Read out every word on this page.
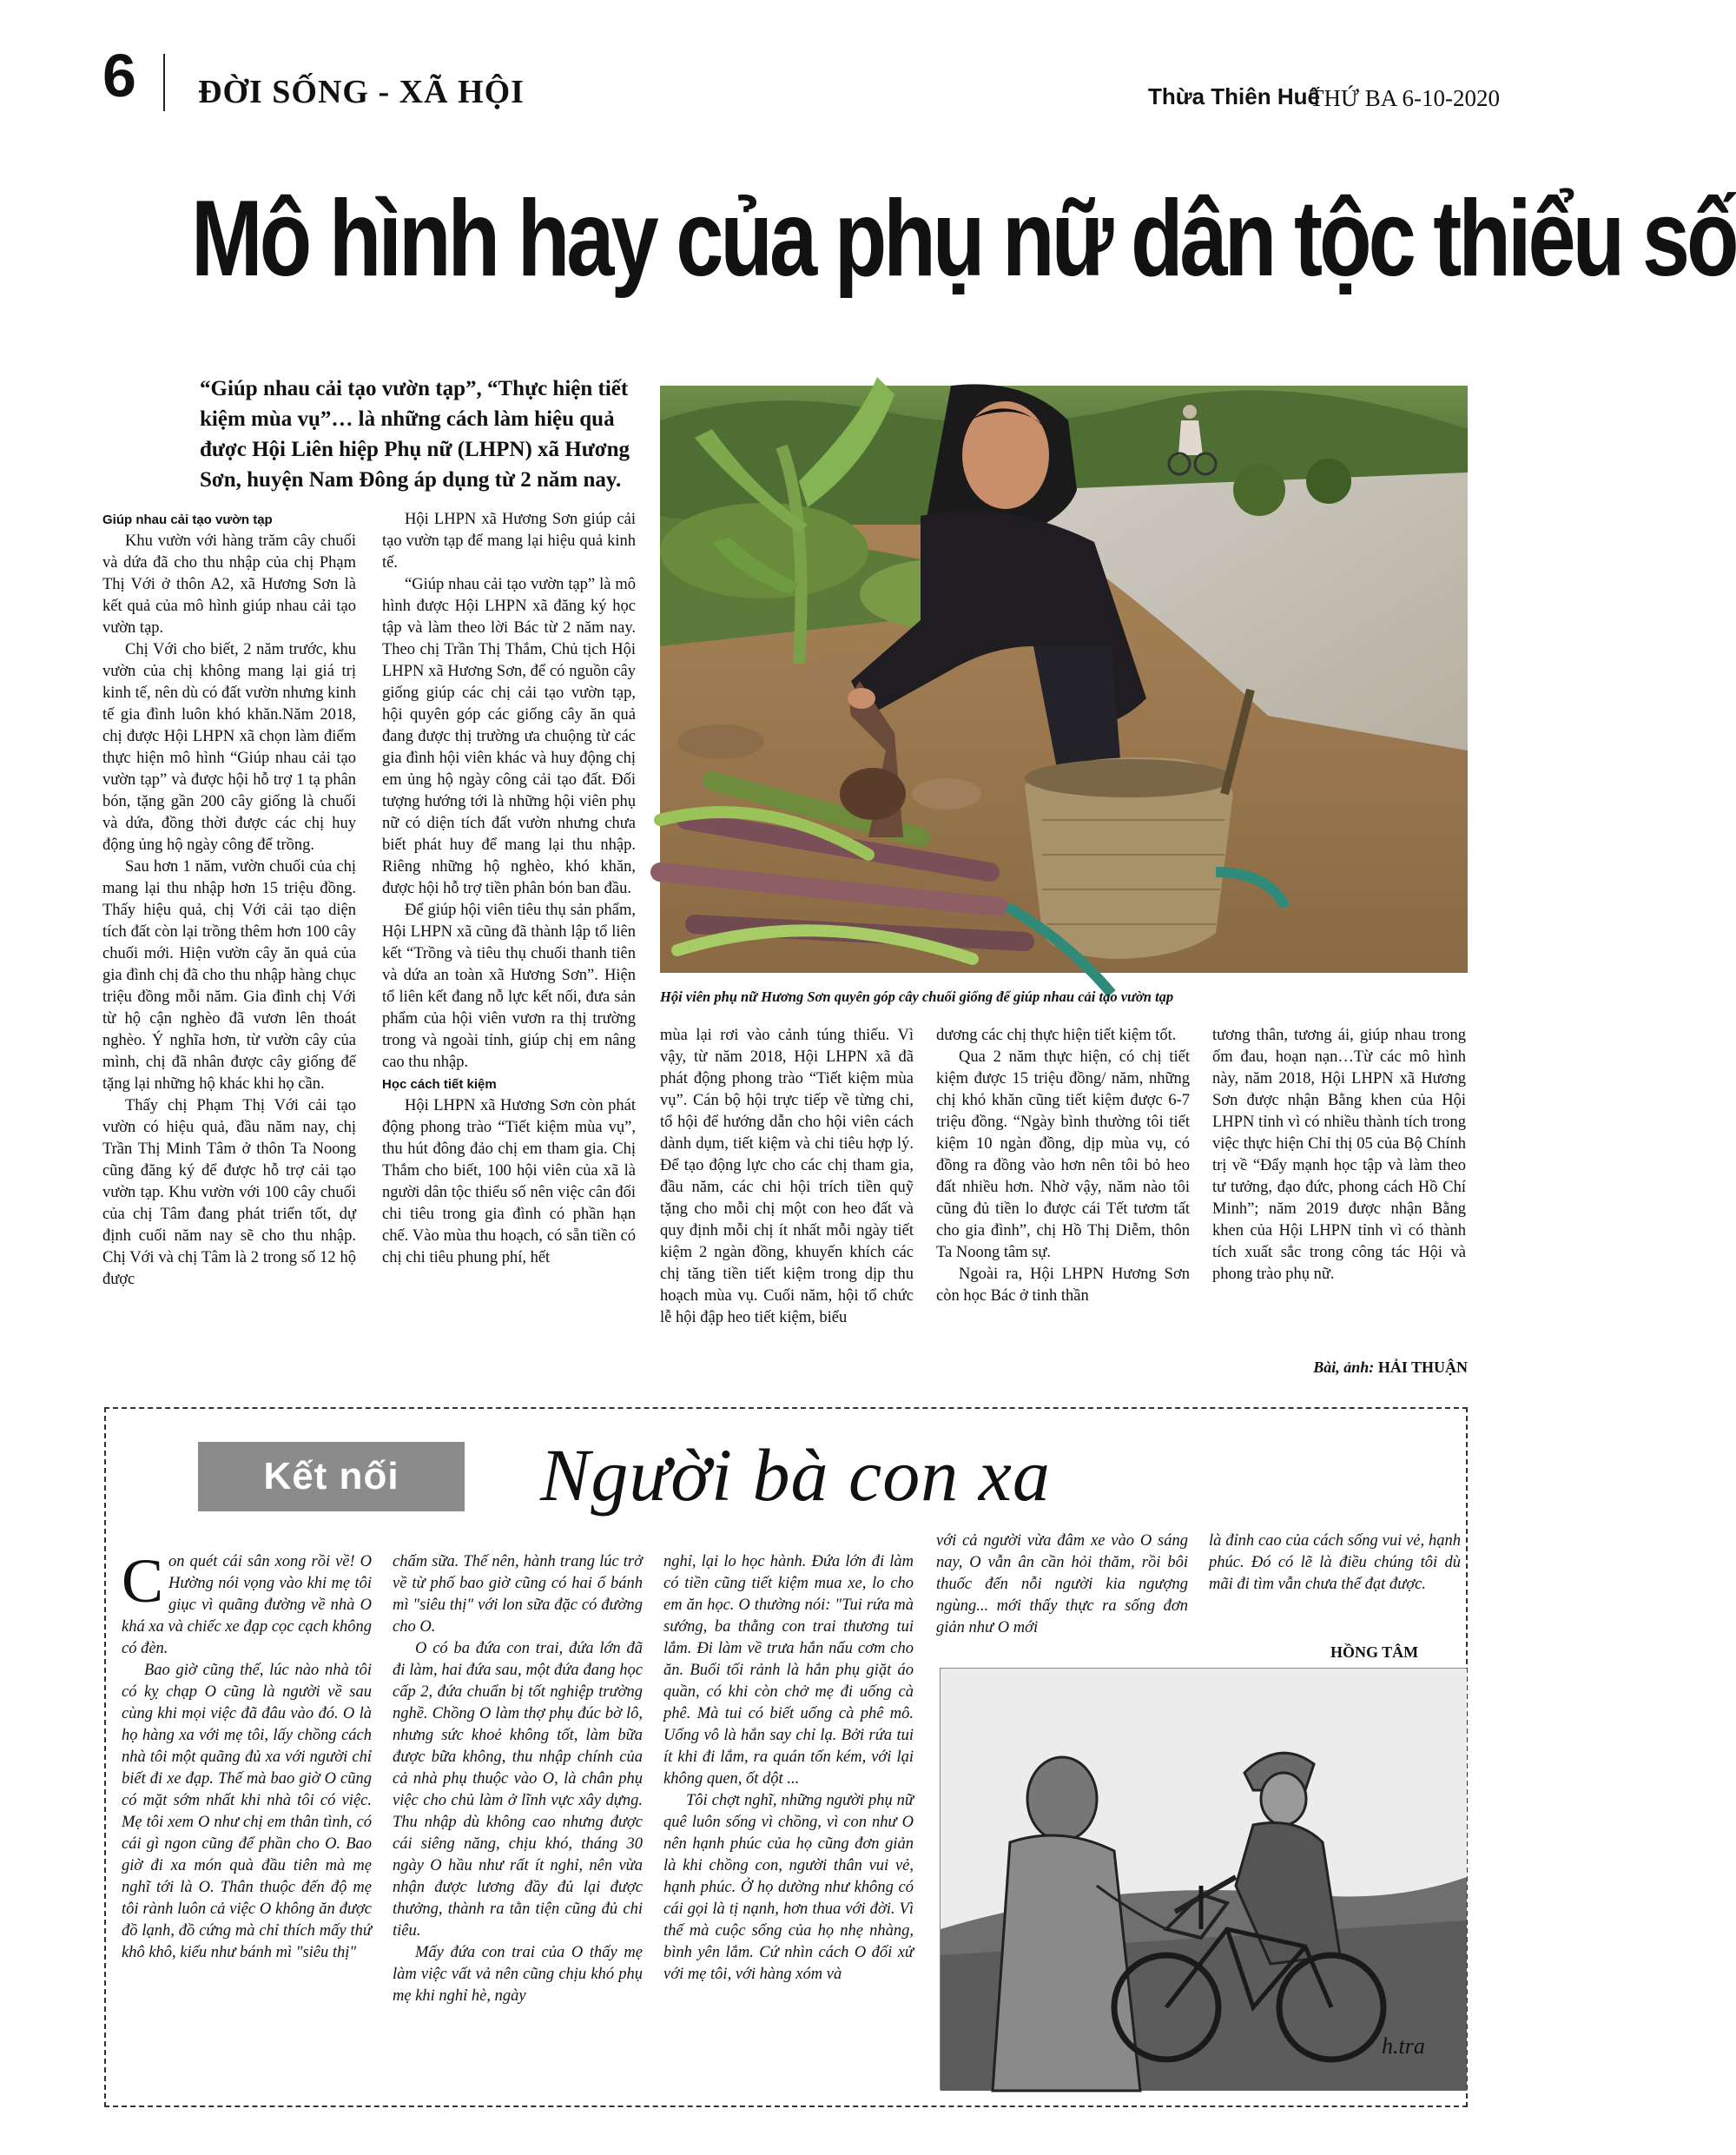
6 ĐỜI SỐNG - XÃ HỘI	Thừa Thiên Huế
THỨ BA 6-10-2020
Mô hình hay của phụ nữ dân tộc thiểu số
“Giúp nhau cải tạo vườn tạp”, “Thực hiện tiết kiệm mùa vụ”… là những cách làm hiệu quả được Hội Liên hiệp Phụ nữ (LHPN) xã Hương Sơn, huyện Nam Đông áp dụng từ 2 năm nay.
Hội viên phụ nữ Hương Sơn quyên góp cây chuối giống để giúp nhau cải tạo vườn tạp
Giúp nhau cải tạo vườn tạp

Khu vườn với hàng trăm cây chuối và dứa đã cho thu nhập của chị Phạm Thị Với ở thôn A2, xã Hương Sơn là kết quả của mô hình giúp nhau cải tạo vườn tạp.

Chị Với cho biết, 2 năm trước, khu vườn của chị không mang lại giá trị kinh tế, nên dù có đất vườn nhưng kinh tế gia đình luôn khó khăn.Năm 2018, chị được Hội LHPN xã chọn làm điểm thực hiện mô hình “Giúp nhau cải tạo vườn tạp” và được hội hỗ trợ 1 tạ phân bón, tặng gần 200 cây giống là chuối và dứa, đồng thời được các chị huy động ủng hộ ngày công để trồng.

Sau hơn 1 năm, vườn chuối của chị mang lại thu nhập hơn 15 triệu đồng. Thấy hiệu quả, chị Với cải tạo diện tích đất còn lại trồng thêm hơn 100 cây chuối mới. Hiện vườn cây ăn quả của gia đình chị đã cho thu nhập hàng chục triệu đồng mỗi năm. Gia đình chị Với từ hộ cận nghèo đã vươn lên thoát nghèo. Ý nghĩa hơn, từ vườn cây của mình, chị đã nhân được cây giống để tặng lại những hộ khác khi họ cần.

Thấy chị Phạm Thị Với cải tạo vườn có hiệu quả, đầu năm nay, chị Trần Thị Minh Tâm ở thôn Ta Noong cũng đăng ký để được hỗ trợ cải tạo vườn tạp. Khu vườn với 100 cây chuối của chị Tâm đang phát triển tốt, dự định cuối năm nay sẽ cho thu nhập. Chị Với và chị Tâm là 2 trong số 12 hộ được

Hội LHPN xã Hương Sơn giúp cải tạo vườn tạp để mang lại hiệu quả kinh tế.

“Giúp nhau cải tạo vườn tạp” là mô hình được Hội LHPN xã đăng ký học tập và làm theo lời Bác từ 2 năm nay. Theo chị Trần Thị Thắm, Chủ tịch Hội LHPN xã Hương Sơn, để có nguồn cây giống giúp các chị cải tạo vườn tạp, hội quyên góp các giống cây ăn quả đang được thị trường ưa chuộng từ các gia đình hội viên khác và huy động chị em ủng hộ ngày công cải tạo đất. Đối tượng hướng tới là những hội viên phụ nữ có diện tích đất vườn nhưng chưa biết phát huy để mang lại thu nhập. Riêng những hộ nghèo, khó khăn, được hội hỗ trợ tiền phân bón ban đầu.

Để giúp hội viên tiêu thụ sản phẩm, Hội LHPN xã cũng đã thành lập tổ liên kết “Trồng và tiêu thụ chuối thanh tiên và dứa an toàn xã Hương Sơn”. Hiện tổ liên kết đang nỗ lực kết nối, đưa sản phẩm của hội viên vươn ra thị trường trong và ngoài tỉnh, giúp chị em nâng cao thu nhập.

Học cách tiết kiệm

Hội LHPN xã Hương Sơn còn phát động phong trào “Tiết kiệm mùa vụ”, thu hút đông đảo chị em tham gia. Chị Thắm cho biết, 100 hội viên của xã là người dân tộc thiểu số nên việc cân đối chi tiêu trong gia đình có phần hạn chế. Vào mùa thu hoạch, có sẵn tiền có chị chi tiêu phung phí, hết

mùa lại rơi vào cảnh túng thiếu. Vì vậy, từ năm 2018, Hội LHPN xã đã phát động phong trào “Tiết kiệm mùa vụ”. Cán bộ hội trực tiếp về từng chi, tổ hội để hướng dẫn cho hội viên cách dành dụm, tiết kiệm và chi tiêu hợp lý. Để tạo động lực cho các chị tham gia, đầu năm, các chi hội trích tiền quỹ tặng cho mỗi chị một con heo đất và quy định mỗi chị ít nhất mỗi ngày tiết kiệm 2 ngàn đồng, khuyến khích các chị tăng tiền tiết kiệm trong dịp thu hoạch mùa vụ. Cuối năm, hội tổ chức lễ hội đập heo tiết kiệm, biểu

dương các chị thực hiện tiết kiệm tốt.

Qua 2 năm thực hiện, có chị tiết kiệm được 15 triệu đồng/ năm, những chị khó khăn cũng tiết kiệm được 6-7 triệu đồng. “Ngày bình thường tôi tiết kiệm 10 ngàn đồng, dịp mùa vụ, có đồng ra đồng vào hơn nên tôi bỏ heo đất nhiều hơn. Nhờ vậy, năm nào tôi cũng đủ tiền lo được cái Tết tươm tất cho gia đình”, chị Hồ Thị Diễm, thôn Ta Noong tâm sự.

Ngoài ra, Hội LHPN Hương Sơn còn học Bác ở tinh thần

tương thân, tương ái, giúp nhau trong ốm đau, hoạn nạn…Từ các mô hình này, năm 2018, Hội LHPN xã Hương Sơn được nhận Bằng khen của Hội LHPN tỉnh vì có nhiều thành tích trong việc thực hiện Chỉ thị 05 của Bộ Chính trị về “Đẩy mạnh học tập và làm theo tư tưởng, đạo đức, phong cách Hồ Chí Minh”; năm 2019 được nhận Bằng khen của Hội LHPN tỉnh vì có thành tích xuất sắc trong công tác Hội và phong trào phụ nữ.

Bài, ảnh: HẢI THUẬN
Kết nối	Người bà con xa

Con quét cái sân xong rồi về! O Hường nói vọng vào khi mẹ tôi giục vì quãng đường về nhà O khá xa và chiếc xe đạp cọc cạch không có đèn.

Bao giờ cũng thế, lúc nào nhà tôi có kỵ chạp O cũng là người về sau cùng khi mọi việc đã đâu vào đó. O là họ hàng xa với mẹ tôi, lấy chồng cách nhà tôi một quãng đủ xa với người chỉ biết đi xe đạp. Thế mà bao giờ O cũng có mặt sớm nhất khi nhà tôi có việc. Mẹ tôi xem O như chị em thân tình, có cái gì ngon cũng để phần cho O. Bao giờ đi xa món quà đầu tiên mà mẹ nghĩ tới là O. Thân thuộc đến độ mẹ tôi rành luôn cả việc O không ăn được đồ lạnh, đồ cứng mà chỉ thích mấy thứ khô khô, kiểu như bánh mì "siêu thị"

chấm sữa. Thế nên, hành trang lúc trở về từ phố bao giờ cũng có hai ổ bánh mì "siêu thị" với lon sữa đặc có đường cho O.

O có ba đứa con trai, đứa lớn đã đi làm, hai đứa sau, một đứa đang học cấp 2, đứa chuẩn bị tốt nghiệp trường nghề. Chồng O làm thợ phụ đúc bờ lô, nhưng sức khoẻ không tốt, làm bữa được bữa không, thu nhập chính của cả nhà phụ thuộc vào O, là chân phụ việc cho chủ làm ở lĩnh vực xây dựng. Thu nhập dù không cao nhưng được cái siêng năng, chịu khó, tháng 30 ngày O hầu như rất ít nghỉ, nên vừa nhận được lương đầy đủ lại được thưởng, thành ra tằn tiện cũng đủ chi tiêu.

Mấy đứa con trai của O thấy mẹ làm việc vất vả nên cũng chịu khó phụ mẹ khi nghỉ hè, ngày

nghỉ, lại lo học hành. Đứa lớn đi làm có tiền cũng tiết kiệm mua xe, lo cho em ăn học. O thường nói: "Tui rứa mà sướng, ba thằng con trai thương tui lắm. Đi làm về trưa hắn nấu cơm cho ăn. Buổi tối rảnh là hắn phụ giặt áo quần, có khi còn chở mẹ đi uống cà phê. Mà tui có biết uống cà phê mô. Uống vô là hắn say chỉ lạ. Bởi rứa tui ít khi đi lắm, ra quán tốn kém, với lại không quen, ốt dột ...

Tôi chợt nghĩ, những người phụ nữ quê luôn sống vì chồng, vì con như O nên hạnh phúc của họ cũng đơn giản là khi chồng con, người thân vui vẻ, hạnh phúc. Ở họ dường như không có cái gọi là tị nạnh, hơn thua với đời. Vì thế mà cuộc sống của họ nhẹ nhàng, bình yên lắm. Cứ nhìn cách O đối xử với mẹ tôi, với hàng xóm và

với cả người vừa đâm xe vào O sáng nay, O vẫn ân cần hỏi thăm, rồi bôi thuốc đến nỗi người kia ngượng ngùng... mới thấy thực ra sống đơn giản như O mới

là đỉnh cao của cách sống vui vẻ, hạnh phúc. Đó có lẽ là điều chúng tôi dù mãi đi tìm vẫn chưa thể đạt được.

HỒNG TÂM
h.tra
